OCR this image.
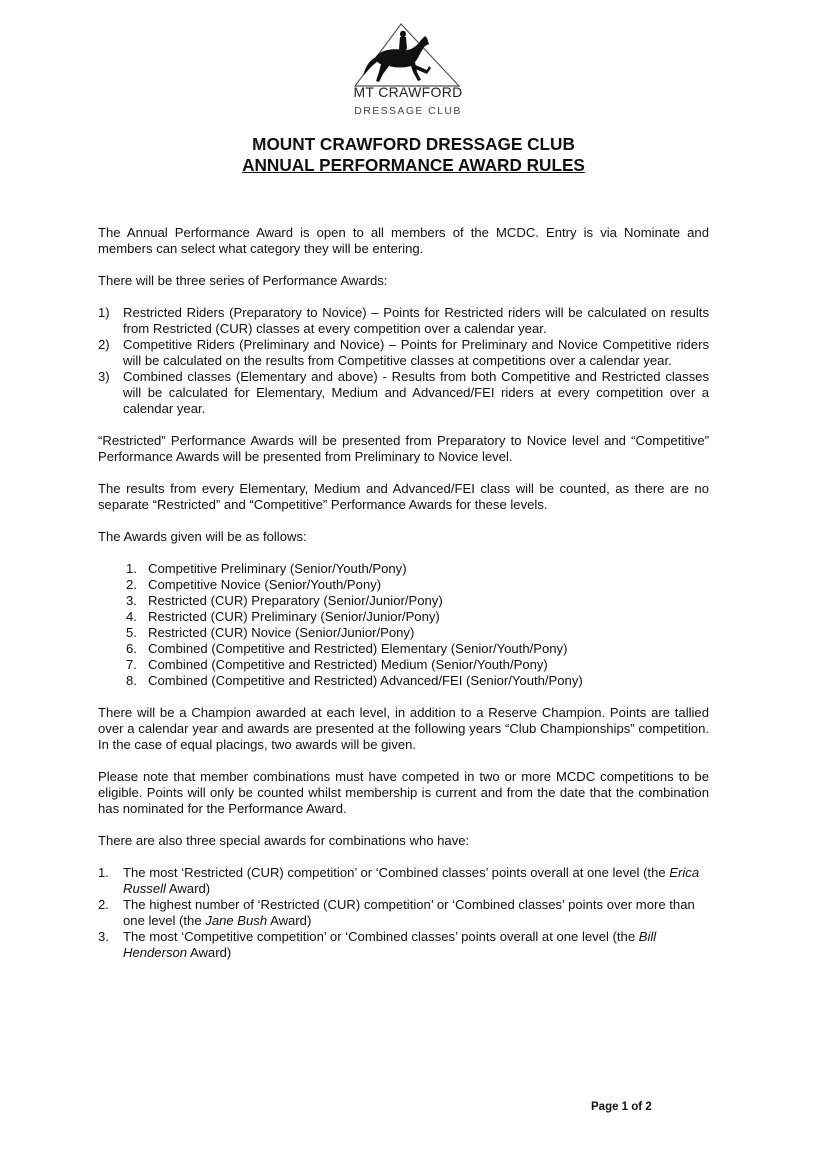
MT CRAWFORD
DRESSAGE CLUB
MOUNT CRAWFORD DRESSAGE CLUB
ANNUAL PERFORMANCE AWARD RULES

The Annual Performance Award is open to all members of the MCDC. Entry is via Nominate and members can select what category they will be entering.

There will be three series of Performance Awards:

1) Restricted Riders (Preparatory to Novice) – Points for Restricted riders will be calculated on results from Restricted (CUR) classes at every competition over a calendar year.
2) Competitive Riders (Preliminary and Novice) – Points for Preliminary and Novice Competitive riders will be calculated on the results from Competitive classes at competitions over a calendar year.
3) Combined classes (Elementary and above) - Results from both Competitive and Restricted classes will be calculated for Elementary, Medium and Advanced/FEI riders at every competition over a calendar year.

“Restricted” Performance Awards will be presented from Preparatory to Novice level and “Competitive” Performance Awards will be presented from Preliminary to Novice level.

The results from every Elementary, Medium and Advanced/FEI class will be counted, as there are no separate “Restricted” and “Competitive” Performance Awards for these levels.

The Awards given will be as follows:

1. Competitive Preliminary (Senior/Youth/Pony)
2. Competitive Novice (Senior/Youth/Pony)
3. Restricted (CUR) Preparatory (Senior/Junior/Pony)
4. Restricted (CUR) Preliminary (Senior/Junior/Pony)
5. Restricted (CUR) Novice (Senior/Junior/Pony)
6. Combined (Competitive and Restricted) Elementary (Senior/Youth/Pony)
7. Combined (Competitive and Restricted) Medium (Senior/Youth/Pony)
8. Combined (Competitive and Restricted) Advanced/FEI (Senior/Youth/Pony)

There will be a Champion awarded at each level, in addition to a Reserve Champion. Points are tallied over a calendar year and awards are presented at the following years “Club Championships” competition. In the case of equal placings, two awards will be given.

Please note that member combinations must have competed in two or more MCDC competitions to be eligible. Points will only be counted whilst membership is current and from the date that the combination has nominated for the Performance Award.

There are also three special awards for combinations who have:

1. The most ‘Restricted (CUR) competition’ or ‘Combined classes’ points overall at one level (the Erica Russell Award)
2. The highest number of ‘Restricted (CUR) competition’ or ‘Combined classes’ points over more than one level (the Jane Bush Award)
3. The most ‘Competitive competition’ or ‘Combined classes’ points overall at one level (the Bill Henderson Award)
Page 1 of 2
